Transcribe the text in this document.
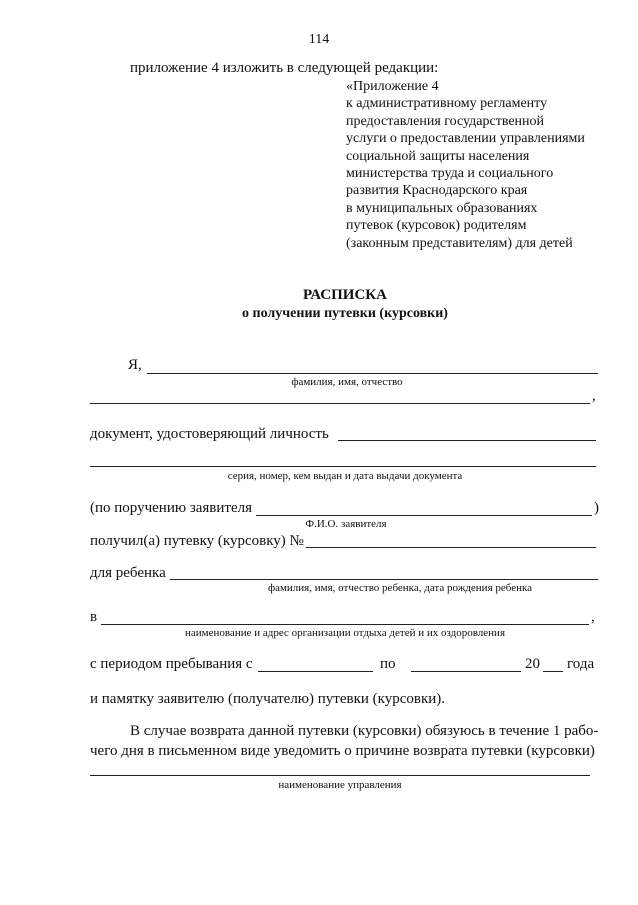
114
приложение 4 изложить в следующей редакции:
«Приложение 4
к административному регламенту
предоставления государственной
услуги о предоставлении управлениями
социальной защиты населения
министерства труда и социального
развития Краснодарского края
в муниципальных образованиях
путевок (курсовок) родителям
(законным представителям) для детей
РАСПИСКА
о получении путевки (курсовки)
Я,
фамилия, имя, отчество
,
документ, удостоверяющий личность
серия, номер, кем выдан и дата выдачи документа
(по поручению заявителя	)
Ф.И.О. заявителя
получил(а) путевку (курсовку) №
для ребенка
фамилия, имя, отчество ребенка, дата рождения ребенка
в	,
наименование и адрес организации отдыха детей и их оздоровления
с периодом пребывания с	по	20 года
и памятку заявителю (получателю) путевки (курсовки).
В случае возврата данной путевки (курсовки) обязуюсь в течение 1 рабо-
чего дня в письменном виде уведомить о причине возврата путевки (курсовки)
наименование управления
